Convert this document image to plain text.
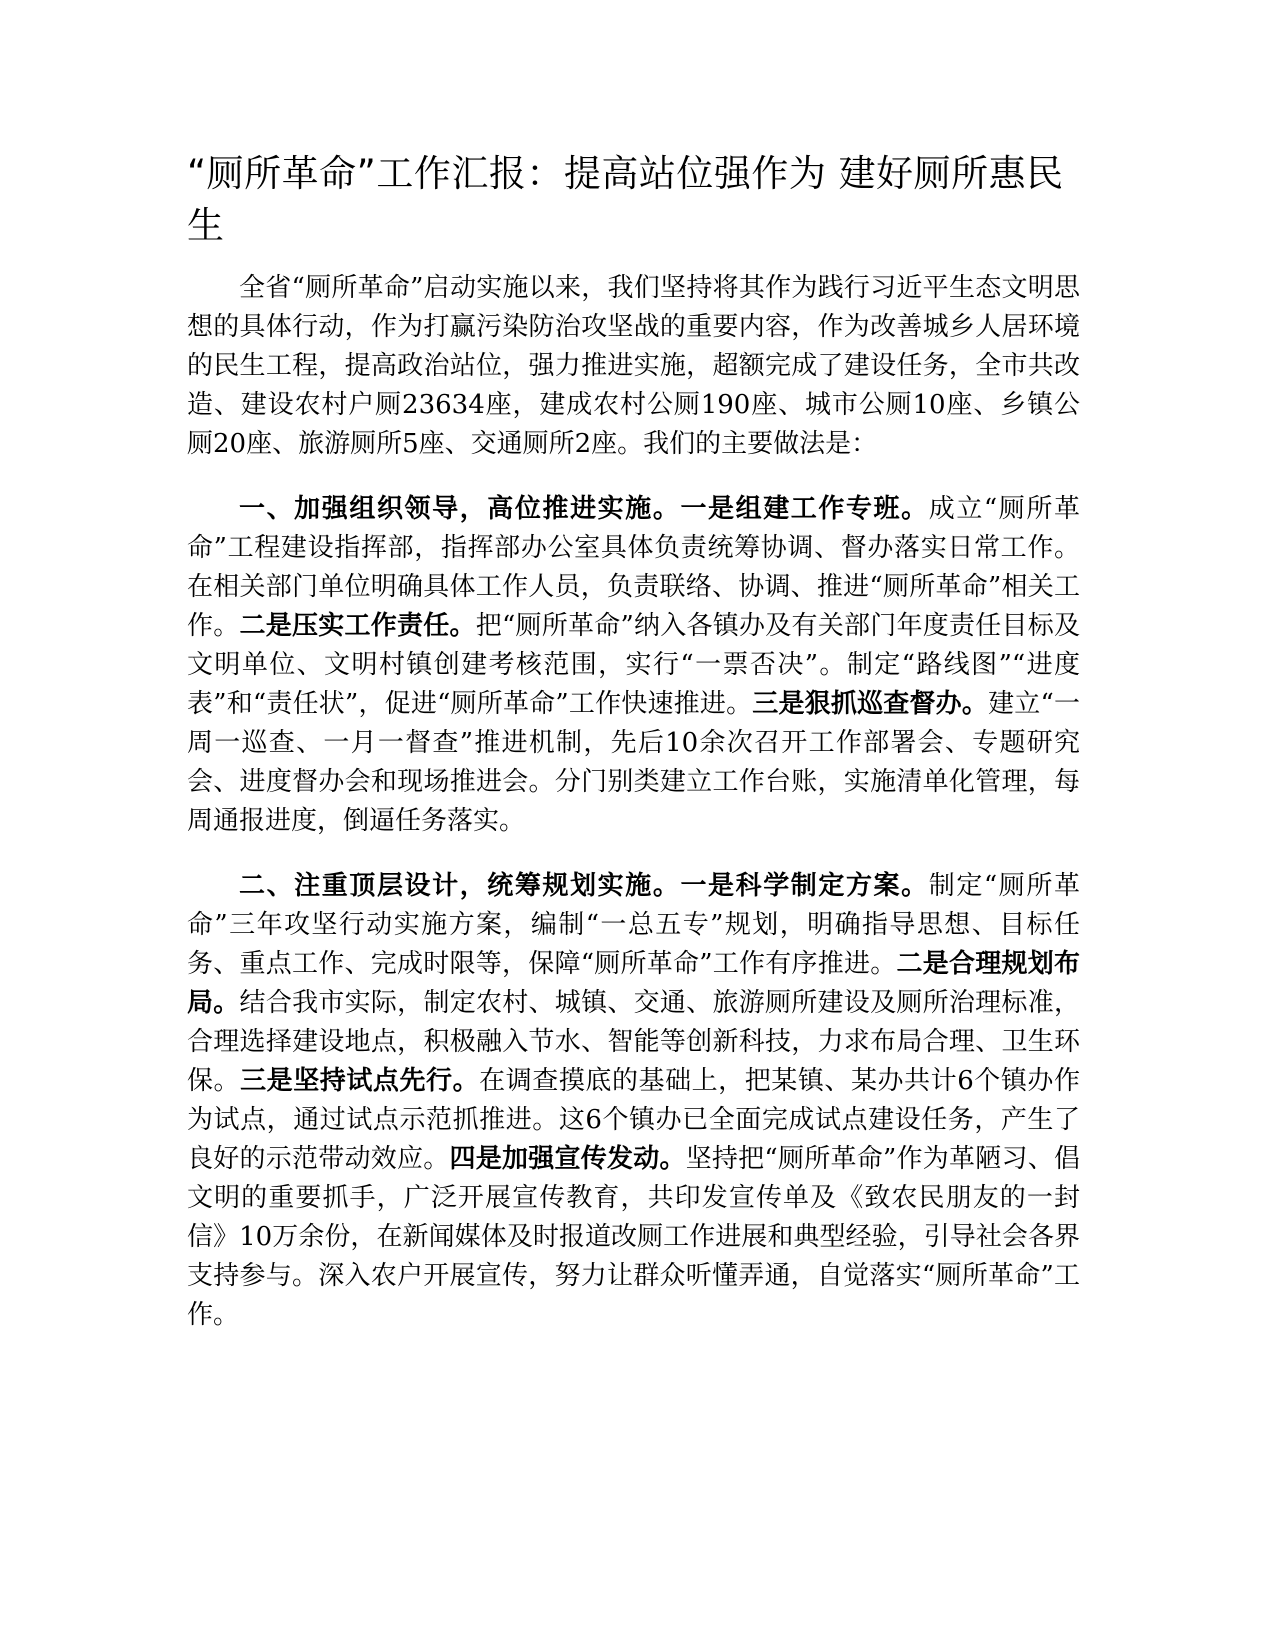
“厕所革命”工作汇报：提高站位强作为 建好厕所惠民生

全省“厕所革命”启动实施以来，我们坚持将其作为践行习近平生态文明思想的具体行动，作为打赢污染防治攻坚战的重要内容，作为改善城乡人居环境的民生工程，提高政治站位，强力推进实施，超额完成了建设任务，全市共改造、建设农村户厕23634座，建成农村公厕190座、城市公厕10座、乡镇公厕20座、旅游厕所5座、交通厕所2座。我们的主要做法是：

一、加强组织领导，高位推进实施。一是组建工作专班。成立“厕所革命”工程建设指挥部，指挥部办公室具体负责统筹协调、督办落实日常工作。在相关部门单位明确具体工作人员，负责联络、协调、推进“厕所革命”相关工作。二是压实工作责任。把“厕所革命”纳入各镇办及有关部门年度责任目标及文明单位、文明村镇创建考核范围，实行“一票否决”。制定“路线图”“进度表”和“责任状”，促进“厕所革命”工作快速推进。三是狠抓巡查督办。建立“一周一巡查、一月一督查”推进机制，先后10余次召开工作部署会、专题研究会、进度督办会和现场推进会。分门别类建立工作台账，实施清单化管理，每周通报进度，倒逼任务落实。

二、注重顶层设计，统筹规划实施。一是科学制定方案。制定“厕所革命”三年攻坚行动实施方案，编制“一总五专”规划，明确指导思想、目标任务、重点工作、完成时限等，保障“厕所革命”工作有序推进。二是合理规划布局。结合我市实际，制定农村、城镇、交通、旅游厕所建设及厕所治理标准，合理选择建设地点，积极融入节水、智能等创新科技，力求布局合理、卫生环保。三是坚持试点先行。在调查摸底的基础上，把某镇、某办共计6个镇办作为试点，通过试点示范抓推进。这6个镇办已全面完成试点建设任务，产生了良好的示范带动效应。四是加强宣传发动。坚持把“厕所革命”作为革陋习、倡文明的重要抓手，广泛开展宣传教育，共印发宣传单及《致农民朋友的一封信》10万余份，在新闻媒体及时报道改厕工作进展和典型经验，引导社会各界支持参与。深入农户开展宣传，努力让群众听懂弄通，自觉落实“厕所革命”工作。
